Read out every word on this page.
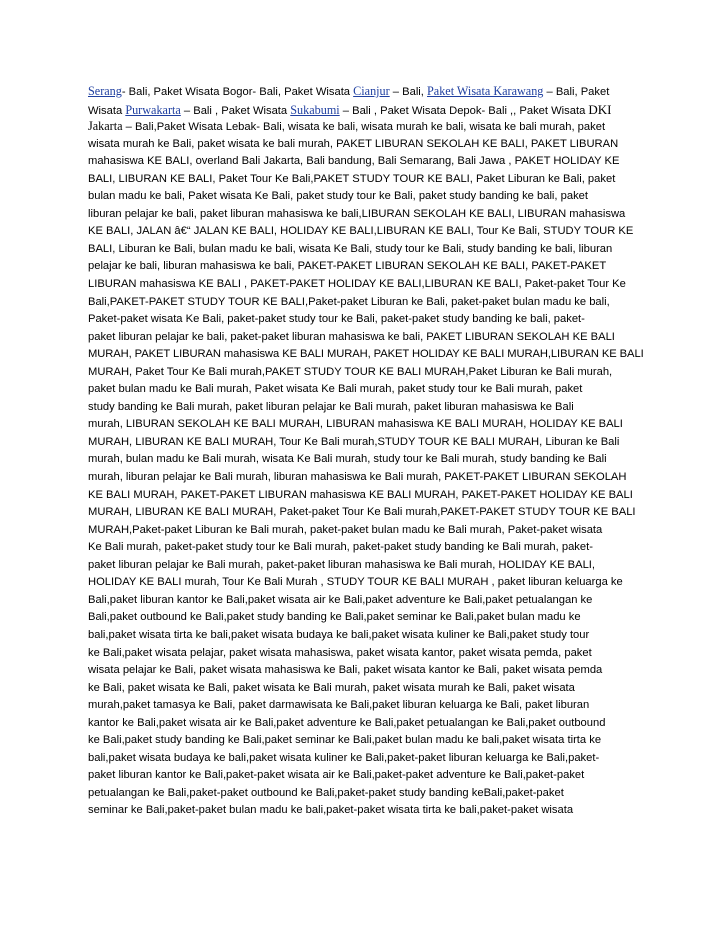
Serang- Bali, Paket Wisata Bogor- Bali, Paket Wisata Cianjur – Bali, Paket Wisata Karawang – Bali, Paket
Wisata Purwakarta – Bali , Paket Wisata Sukabumi – Bali , Paket Wisata Depok- Bali ,, Paket Wisata DKI
Jakarta – Bali,Paket Wisata Lebak- Bali, wisata ke bali, wisata murah ke bali, wisata ke bali murah, paket
wisata murah ke Bali, paket wisata ke bali murah, PAKET LIBURAN SEKOLAH KE BALI, PAKET LIBURAN
mahasiswa KE BALI, overland Bali Jakarta, Bali bandung, Bali Semarang, Bali Jawa , PAKET HOLIDAY KE
BALI, LIBURAN KE BALI, Paket Tour Ke Bali,PAKET STUDY TOUR KE BALI, Paket Liburan ke Bali, paket
bulan madu ke bali, Paket wisata Ke Bali, paket study tour ke Bali, paket study banding ke bali, paket
liburan pelajar ke bali, paket liburan mahasiswa ke bali,LIBURAN SEKOLAH KE BALI, LIBURAN mahasiswa
KE BALI, JALAN â€“ JALAN KE BALI, HOLIDAY KE BALI,LIBURAN KE BALI, Tour Ke Bali, STUDY TOUR KE
BALI, Liburan ke Bali, bulan madu ke bali, wisata Ke Bali, study tour ke Bali, study banding ke bali, liburan
pelajar ke bali, liburan mahasiswa ke bali, PAKET-PAKET LIBURAN SEKOLAH KE BALI, PAKET-PAKET
LIBURAN mahasiswa KE BALI , PAKET-PAKET HOLIDAY KE BALI,LIBURAN KE BALI, Paket-paket Tour Ke
Bali,PAKET-PAKET STUDY TOUR KE BALI,Paket-paket Liburan ke Bali, paket-paket bulan madu ke bali,
Paket-paket wisata Ke Bali, paket-paket study tour ke Bali, paket-paket study banding ke bali, paket-
paket liburan pelajar ke bali, paket-paket liburan mahasiswa ke bali, PAKET LIBURAN SEKOLAH KE BALI
MURAH, PAKET LIBURAN mahasiswa KE BALI MURAH, PAKET HOLIDAY KE BALI MURAH,LIBURAN KE BALI
MURAH, Paket Tour Ke Bali murah,PAKET STUDY TOUR KE BALI MURAH,Paket Liburan ke Bali murah,
paket bulan madu ke Bali murah, Paket wisata Ke Bali murah, paket study tour ke Bali murah, paket
study banding ke Bali murah, paket liburan pelajar ke Bali murah, paket liburan mahasiswa ke Bali
murah, LIBURAN SEKOLAH KE BALI MURAH, LIBURAN mahasiswa KE BALI MURAH, HOLIDAY KE BALI
MURAH, LIBURAN KE BALI MURAH, Tour Ke Bali murah,STUDY TOUR KE BALI MURAH, Liburan ke Bali
murah, bulan madu ke Bali murah, wisata Ke Bali murah, study tour ke Bali murah, study banding ke Bali
murah, liburan pelajar ke Bali murah, liburan mahasiswa ke Bali murah, PAKET-PAKET LIBURAN SEKOLAH
KE BALI MURAH, PAKET-PAKET LIBURAN mahasiswa KE BALI MURAH, PAKET-PAKET HOLIDAY KE BALI
MURAH, LIBURAN KE BALI MURAH, Paket-paket Tour Ke Bali murah,PAKET-PAKET STUDY TOUR KE BALI
MURAH,Paket-paket Liburan ke Bali murah, paket-paket bulan madu ke Bali murah, Paket-paket wisata
Ke Bali murah, paket-paket study tour ke Bali murah, paket-paket study banding ke Bali murah, paket-
paket liburan pelajar ke Bali murah, paket-paket liburan mahasiswa ke Bali murah, HOLIDAY KE BALI,
HOLIDAY KE BALI murah, Tour Ke Bali Murah , STUDY TOUR KE BALI MURAH , paket liburan keluarga ke
Bali,paket liburan kantor ke Bali,paket wisata air ke Bali,paket adventure ke Bali,paket petualangan ke
Bali,paket outbound ke Bali,paket study banding ke Bali,paket seminar ke Bali,paket bulan madu ke
bali,paket wisata tirta ke bali,paket wisata budaya ke bali,paket wisata kuliner ke Bali,paket study tour
ke Bali,paket wisata pelajar, paket wisata mahasiswa, paket wisata kantor, paket wisata pemda, paket
wisata pelajar ke Bali, paket wisata mahasiswa ke Bali, paket wisata kantor ke Bali, paket wisata pemda
ke Bali, paket wisata ke Bali, paket wisata ke Bali murah, paket wisata murah ke Bali, paket wisata
murah,paket tamasya ke Bali, paket darmawisata ke Bali,paket liburan keluarga ke Bali, paket liburan
kantor ke Bali,paket wisata air ke Bali,paket adventure ke Bali,paket petualangan ke Bali,paket outbound
ke Bali,paket study banding ke Bali,paket seminar ke Bali,paket bulan madu ke bali,paket wisata tirta ke
bali,paket wisata budaya ke bali,paket wisata kuliner ke Bali,paket-paket liburan keluarga ke Bali,paket-
paket liburan kantor ke Bali,paket-paket wisata air ke Bali,paket-paket adventure ke Bali,paket-paket
petualangan ke Bali,paket-paket outbound ke Bali,paket-paket study banding keBali,paket-paket
seminar ke Bali,paket-paket bulan madu ke bali,paket-paket wisata tirta ke bali,paket-paket wisata
